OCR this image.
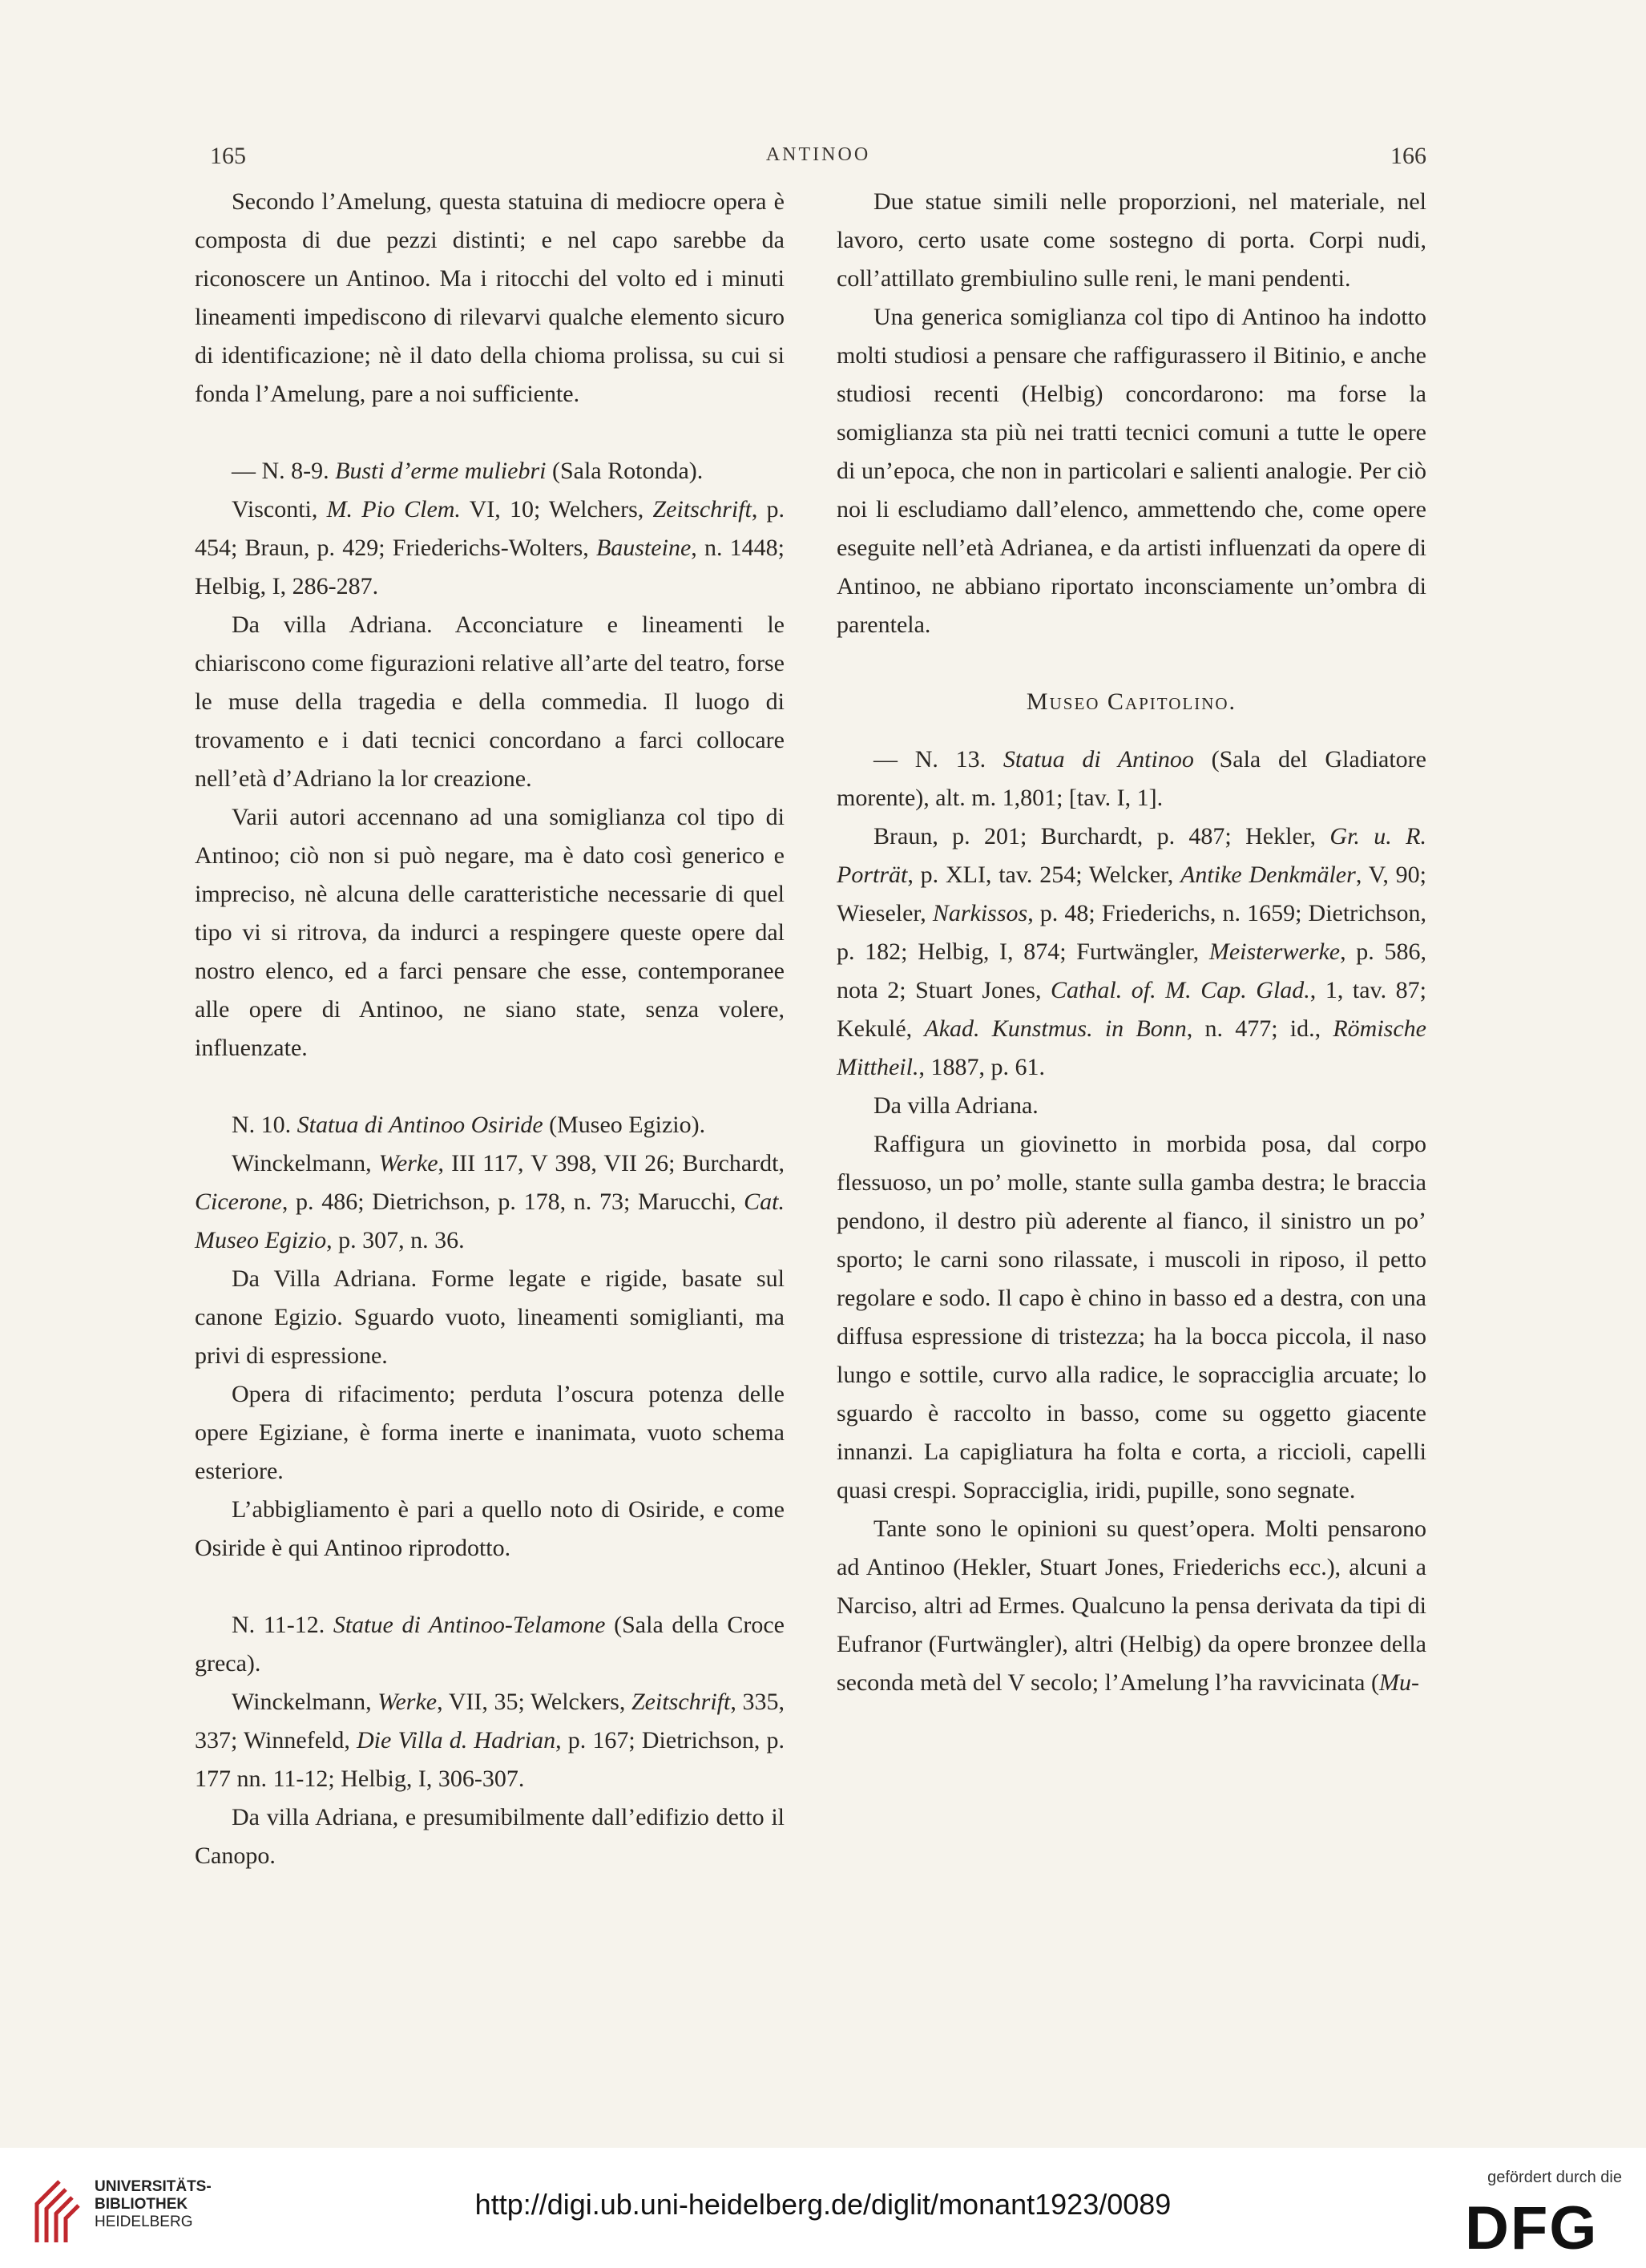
165	ANTINOO	166

Secondo l’Amelung, questa statuina di mediocre opera è composta di due pezzi distinti; e nel capo sarebbe da riconoscere un Antinoo. Ma i ritocchi del volto ed i minuti lineamenti impediscono di rilevarvi qualche elemento sicuro di identificazione; nè il dato della chioma prolissa, su cui si fonda l’Amelung, pare a noi sufficiente.

— N. 8-9. Busti d’erme muliebri (Sala Rotonda).

Visconti, M. Pio Clem. VI, 10; Welchers, Zeitschrift, p. 454; Braun, p. 429; Friederichs-Wolters, Bausteine, n. 1448; Helbig, I, 286-287.

Da villa Adriana. Acconciature e lineamenti le chiariscono come figurazioni relative all’arte del teatro, forse le muse della tragedia e della commedia. Il luogo di trovamento e i dati tecnici concordano a farci collocare nell’età d’Adriano la lor creazione.

Varii autori accennano ad una somiglianza col tipo di Antinoo; ciò non si può negare, ma è dato così generico e impreciso, nè alcuna delle caratteristiche necessarie di quel tipo vi si ritrova, da indurci a respingere queste opere dal nostro elenco, ed a farci pensare che esse, contemporanee alle opere di Antinoo, ne siano state, senza volere, influenzate.

N. 10. Statua di Antinoo Osiride (Museo Egizio).

Winckelmann, Werke, III 117, V 398, VII 26; Burchardt, Cicerone, p. 486; Dietrichson, p. 178, n. 73; Marucchi, Cat. Museo Egizio, p. 307, n. 36.

Da Villa Adriana. Forme legate e rigide, basate sul canone Egizio. Sguardo vuoto, lineamenti somiglianti, ma privi di espressione.

Opera di rifacimento; perduta l’oscura potenza delle opere Egiziane, è forma inerte e inanimata, vuoto schema esteriore.

L’abbigliamento è pari a quello noto di Osiride, e come Osiride è qui Antinoo riprodotto.

N. 11-12. Statue di Antinoo-Telamone (Sala della Croce greca).

Winckelmann, Werke, VII, 35; Welckers, Zeitschrift, 335, 337; Winnefeld, Die Villa d. Hadrian, p. 167; Dietrichson, p. 177 nn. 11-12; Helbig, I, 306-307.

Da villa Adriana, e presumibilmente dall’edifizio detto il Canopo.

Due statue simili nelle proporzioni, nel materiale, nel lavoro, certo usate come sostegno di porta. Corpi nudi, coll’attillato grembiulino sulle reni, le mani pendenti.

Una generica somiglianza col tipo di Antinoo ha indotto molti studiosi a pensare che raffigurassero il Bitinio, e anche studiosi recenti (Helbig) concordarono: ma forse la somiglianza sta più nei tratti tecnici comuni a tutte le opere di un’epoca, che non in particolari e salienti analogie. Per ciò noi li escludiamo dall’elenco, ammettendo che, come opere eseguite nell’età Adrianea, e da artisti influenzati da opere di Antinoo, ne abbiano riportato inconsciamente un’ombra di parentela.

Museo Capitolino.

— N. 13. Statua di Antinoo (Sala del Gladiatore morente), alt. m. 1,801; [tav. I, 1].

Braun, p. 201; Burchardt, p. 487; Hekler, Gr. u. R. Porträt, p. XLI, tav. 254; Welcker, Antike Denkmäler, V, 90; Wieseler, Narkissos, p. 48; Friederichs, n. 1659; Dietrichson, p. 182; Helbig, I, 874; Furtwängler, Meisterwerke, p. 586, nota 2; Stuart Jones, Cathal. of. M. Cap. Glad., 1, tav. 87; Kekulé, Akad. Kunstmus. in Bonn, n. 477; id., Römische Mittheil., 1887, p. 61.

Da villa Adriana.

Raffigura un giovinetto in morbida posa, dal corpo flessuoso, un po’ molle, stante sulla gamba destra; le braccia pendono, il destro più aderente al fianco, il sinistro un po’ sporto; le carni sono rilassate, i muscoli in riposo, il petto regolare e sodo. Il capo è chino in basso ed a destra, con una diffusa espressione di tristezza; ha la bocca piccola, il naso lungo e sottile, curvo alla radice, le sopracciglia arcuate; lo sguardo è raccolto in basso, come su oggetto giacente innanzi. La capigliatura ha folta e corta, a riccioli, capelli quasi crespi. Sopracciglia, iridi, pupille, sono segnate.

Tante sono le opinioni su quest’opera. Molti pensarono ad Antinoo (Hekler, Stuart Jones, Friederichs ecc.), alcuni a Narciso, altri ad Ermes. Qualcuno la pensa derivata da tipi di Eufranor (Furtwängler), altri (Helbig) da opere bronzee della seconda metà del V secolo; l’Amelung l’ha ravvicinata (Mu-

UNIVERSITÄTS-
BIBLIOTHEK
HEIDELBERG
http://digi.ub.uni-heidelberg.de/diglit/monant1923/0089
gefördert durch die
DFG
